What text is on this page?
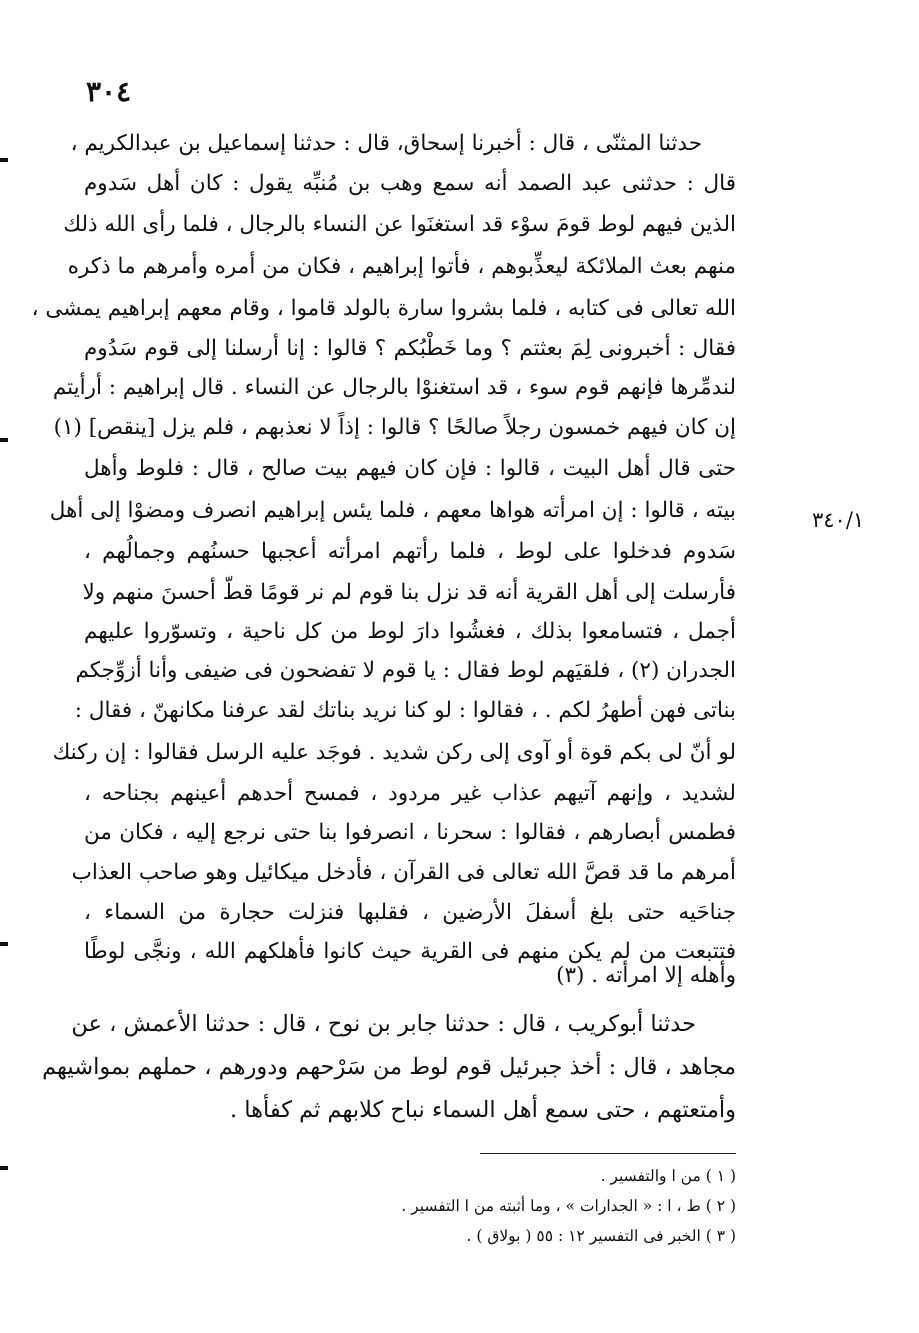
٣٠٤
٣٤٠/١
حدثنا المثنّى ، قال : أخبرنا إسحاق، قال : حدثنا إسماعيل بن عبدالكريم ،
قال : حدثنى عبد الصمد أنه سمع وهب بن مُنبِّه يقول : كان أهل سَدوم
الذين فيهم لوط قومَ سوْء قد استغنَوا عن النساء بالرجال ، فلما رأى الله ذلك
منهم بعث الملائكة ليعذِّبوهم ، فأتوا إبراهيم ، فكان من أمره وأمرهم ما ذكره
الله تعالى فى كتابه ، فلما بشروا سارة بالولد قاموا ، وقام معهم إبراهيم يمشى ،
فقال : أخبرونى لِمَ بعثتم ؟ وما خَطْبُكم ؟ قالوا : إنا أرسلنا إلى قوم سَدُوم
لندمِّرها فإنهم قوم سوء ، قد استغنوْا بالرجال عن النساء . قال إبراهيم : أرأيتم
إن كان فيهم خمسون رجلاً صالحًا ؟ قالوا : إذاً لا نعذبهم ، فلم يزل [ينقص] (١)
حتى قال أهل البيت ، قالوا : فإن كان فيهم بيت صالح ، قال : فلوط وأهل
بيته ، قالوا : إن امرأته هواها معهم ، فلما يئس إبراهيم انصرف ومضوْا إلى أهل
سَدوم فدخلوا على لوط ، فلما رأتهم امرأته أعجبها حسنُهم وجمالُهم ،
فأرسلت إلى أهل القرية أنه قد نزل بنا قوم لم نر قومًا قطّ أحسنَ منهم ولا
أجمل ، فتسامعوا بذلك ، فغشُوا دارَ لوط من كل ناحية ، وتسوّروا عليهم
الجدران (٢) ، فلقيَهم لوط فقال : يا قوم لا تفضحون فى ضيفى وأنا أزوِّجكم
بناتى فهن أطهرُ لكم . ، فقالوا : لو كنا نريد بناتك لقد عرفنا مكانهنّ ، فقال :
لو أنّ لى بكم قوة أو آوى إلى ركن شديد . فوجَد عليه الرسل فقالوا : إن ركنك
لشديد ، وإنهم آتيهم عذاب غير مردود ، فمسح أحدهم أعينهم بجناحه ،
فطمس أبصارهم ، فقالوا : سحرنا ، انصرفوا بنا حتى نرجع إليه ، فكان من
أمرهم ما قد قصَّ الله تعالى فى القرآن ، فأدخل ميكائيل وهو صاحب العذاب
جناحَيه حتى بلغ أسفلَ الأرضين ، فقلبها فنزلت حجارة من السماء ،
فتتبعت من لم يكن منهم فى القرية حيث كانوا فأهلكهم الله ، ونجَّى لوطًا
وأهله إلا امرأته . (٣)
حدثنا أبوكريب ، قال : حدثنا جابر بن نوح ، قال : حدثنا الأعمش ، عن
مجاهد ، قال : أخذ جبرئيل قوم لوط من سَرْحهم ودورهم ، حملهم بمواشيهم
وأمتعتهم ، حتى سمع أهل السماء نباح كلابهم ثم كفأها .
( ١ ) من ا والتفسير .
( ٢ ) ط ، ا : « الجدارات » ، وما أثبته من ا التفسير .
( ٣ ) الخبر فى التفسير ١٢ : ٥٥ ( بولاق ) .
